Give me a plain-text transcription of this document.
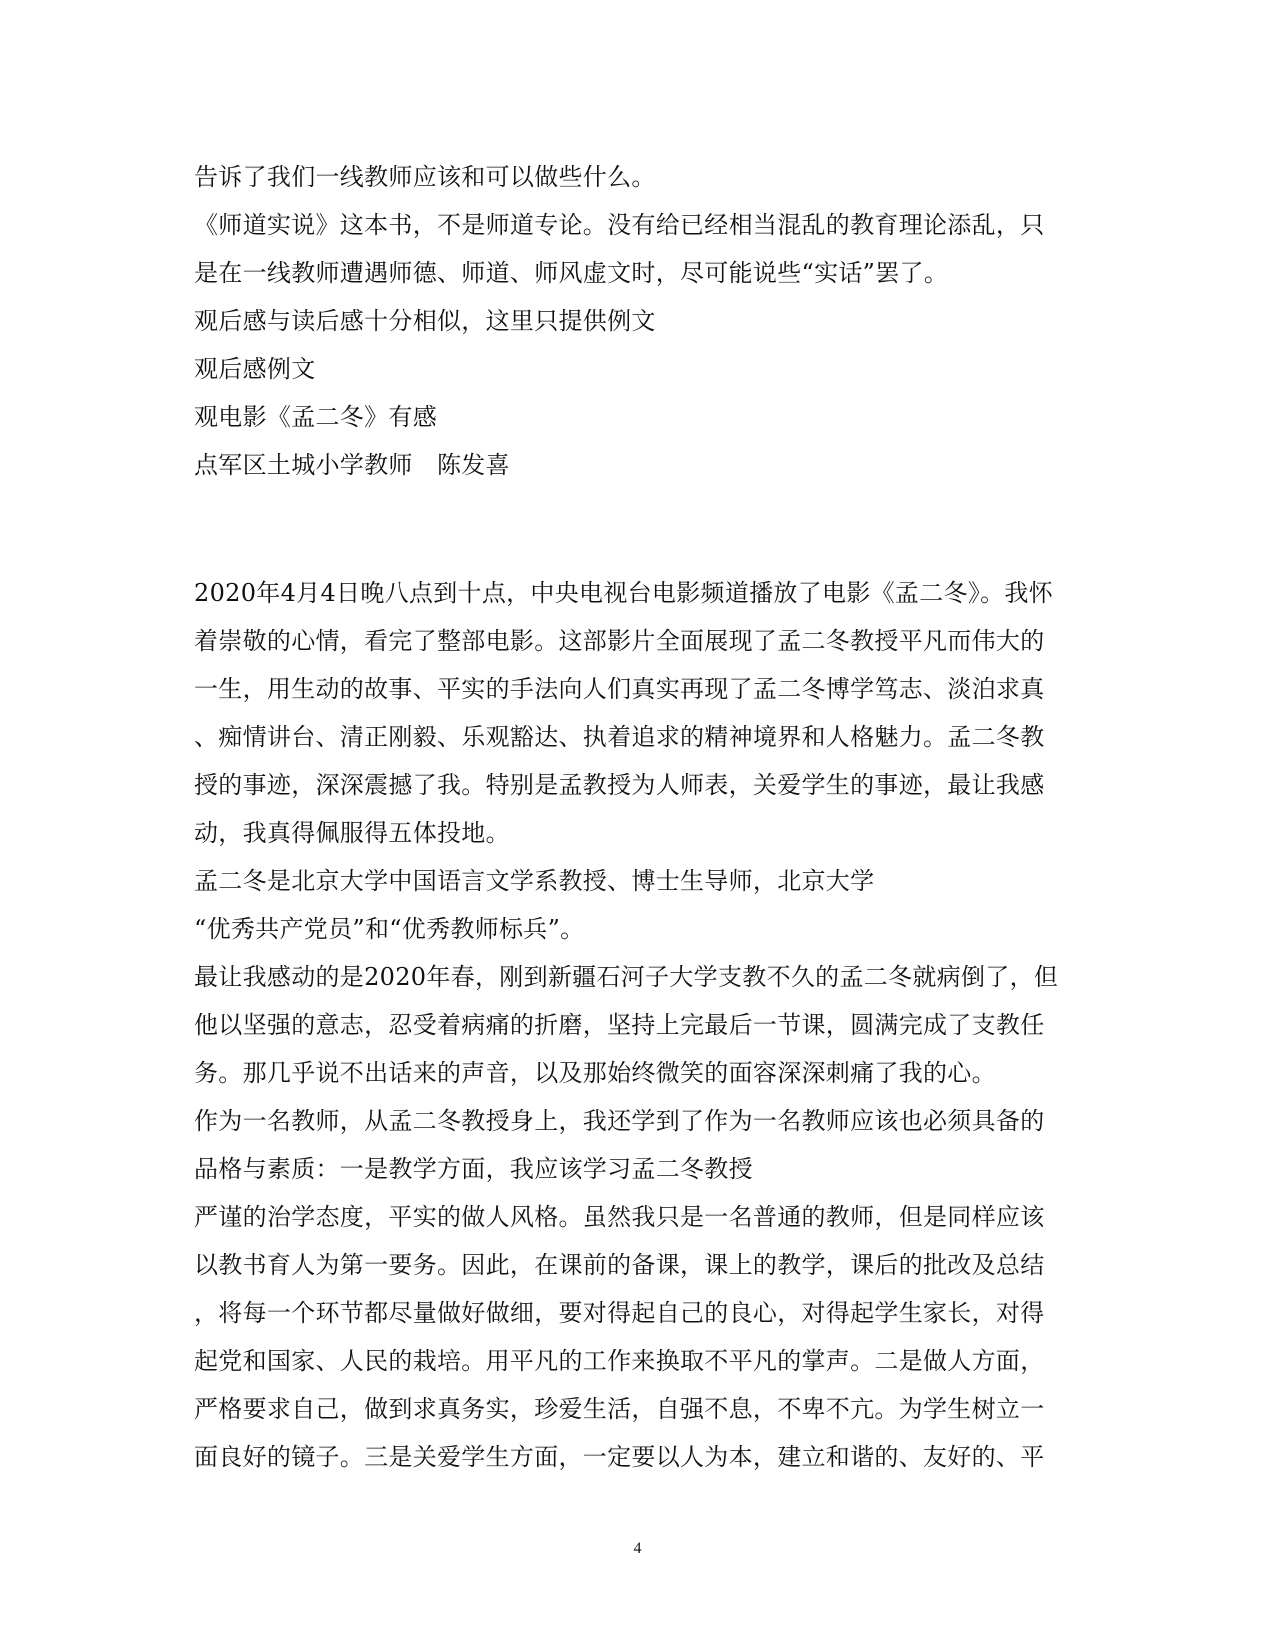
告诉了我们一线教师应该和可以做些什么。
《师道实说》这本书，不是师道专论。没有给已经相当混乱的教育理论添乱，只
是在一线教师遭遇师德、师道、师风虚文时，尽可能说些“实话”罢了。
观后感与读后感十分相似，这里只提供例文
观后感例文
观电影《孟二冬》有感
点军区土城小学教师　陈发喜
2020年4月4日晚八点到十点，中央电视台电影频道播放了电影《孟二冬》。我怀
着崇敬的心情，看完了整部电影。这部影片全面展现了孟二冬教授平凡而伟大的
一生，用生动的故事、平实的手法向人们真实再现了孟二冬博学笃志、淡泊求真
、痴情讲台、清正刚毅、乐观豁达、执着追求的精神境界和人格魅力。孟二冬教
授的事迹，深深震撼了我。特别是孟教授为人师表，关爱学生的事迹，最让我感
动，我真得佩服得五体投地。
孟二冬是北京大学中国语言文学系教授、博士生导师，北京大学
“优秀共产党员”和“优秀教师标兵”。
最让我感动的是2020年春，刚到新疆石河子大学支教不久的孟二冬就病倒了，但
他以坚强的意志，忍受着病痛的折磨，坚持上完最后一节课，圆满完成了支教任
务。那几乎说不出话来的声音，以及那始终微笑的面容深深刺痛了我的心。
作为一名教师，从孟二冬教授身上，我还学到了作为一名教师应该也必须具备的
品格与素质：一是教学方面，我应该学习孟二冬教授
严谨的治学态度，平实的做人风格。虽然我只是一名普通的教师，但是同样应该
以教书育人为第一要务。因此，在课前的备课，课上的教学，课后的批改及总结
，将每一个环节都尽量做好做细，要对得起自己的良心，对得起学生家长，对得
起党和国家、人民的栽培。用平凡的工作来换取不平凡的掌声。二是做人方面，
严格要求自己，做到求真务实，珍爱生活，自强不息，不卑不亢。为学生树立一
面良好的镜子。三是关爱学生方面，一定要以人为本，建立和谐的、友好的、平
4
